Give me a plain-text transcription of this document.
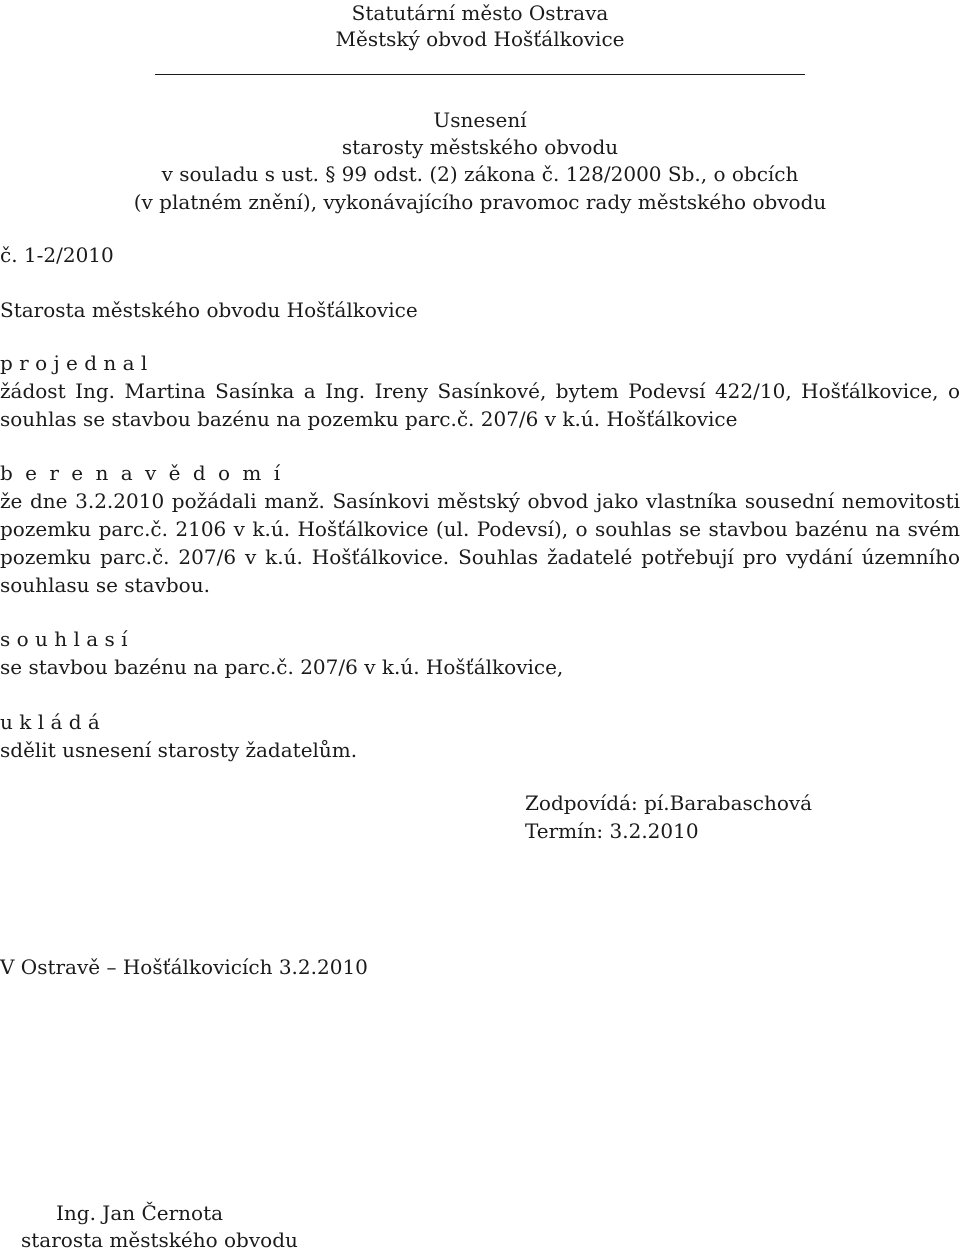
Statutární město Ostrava
Městský obvod Hošťálkovice
Usnesení
starosty městského obvodu
v souladu s ust. § 99 odst. (2) zákona č. 128/2000 Sb., o obcích
(v platném znění), vykonávajícího pravomoc rady městského obvodu
č. 1-2/2010
Starosta městského obvodu Hošťálkovice
p r o j e d n a l
žádost Ing. Martina Sasínka a Ing. Ireny Sasínkové, bytem Podevsí 422/10, Hošťálkovice, o
souhlas se stavbou bazénu na pozemku parc.č. 207/6 v k.ú. Hošťálkovice
b e r e n a v ě d o m í
že dne 3.2.2010 požádali manž. Sasínkovi městský obvod jako vlastníka sousední nemovitosti
pozemku parc.č. 2106 v k.ú. Hošťálkovice (ul. Podevsí), o souhlas se stavbou bazénu na svém
pozemku parc.č. 207/6 v k.ú. Hošťálkovice. Souhlas žadatelé potřebují pro vydání územního
souhlasu se stavbou.
s o u h l a s í
se stavbou bazénu na parc.č. 207/6 v k.ú. Hošťálkovice,
u k l á d á
sdělit usnesení starosty žadatelům.
Zodpovídá: pí.Barabaschová
Termín: 3.2.2010
V Ostravě – Hošťálkovicích 3.2.2010
Ing. Jan Černota
starosta městského obvodu
